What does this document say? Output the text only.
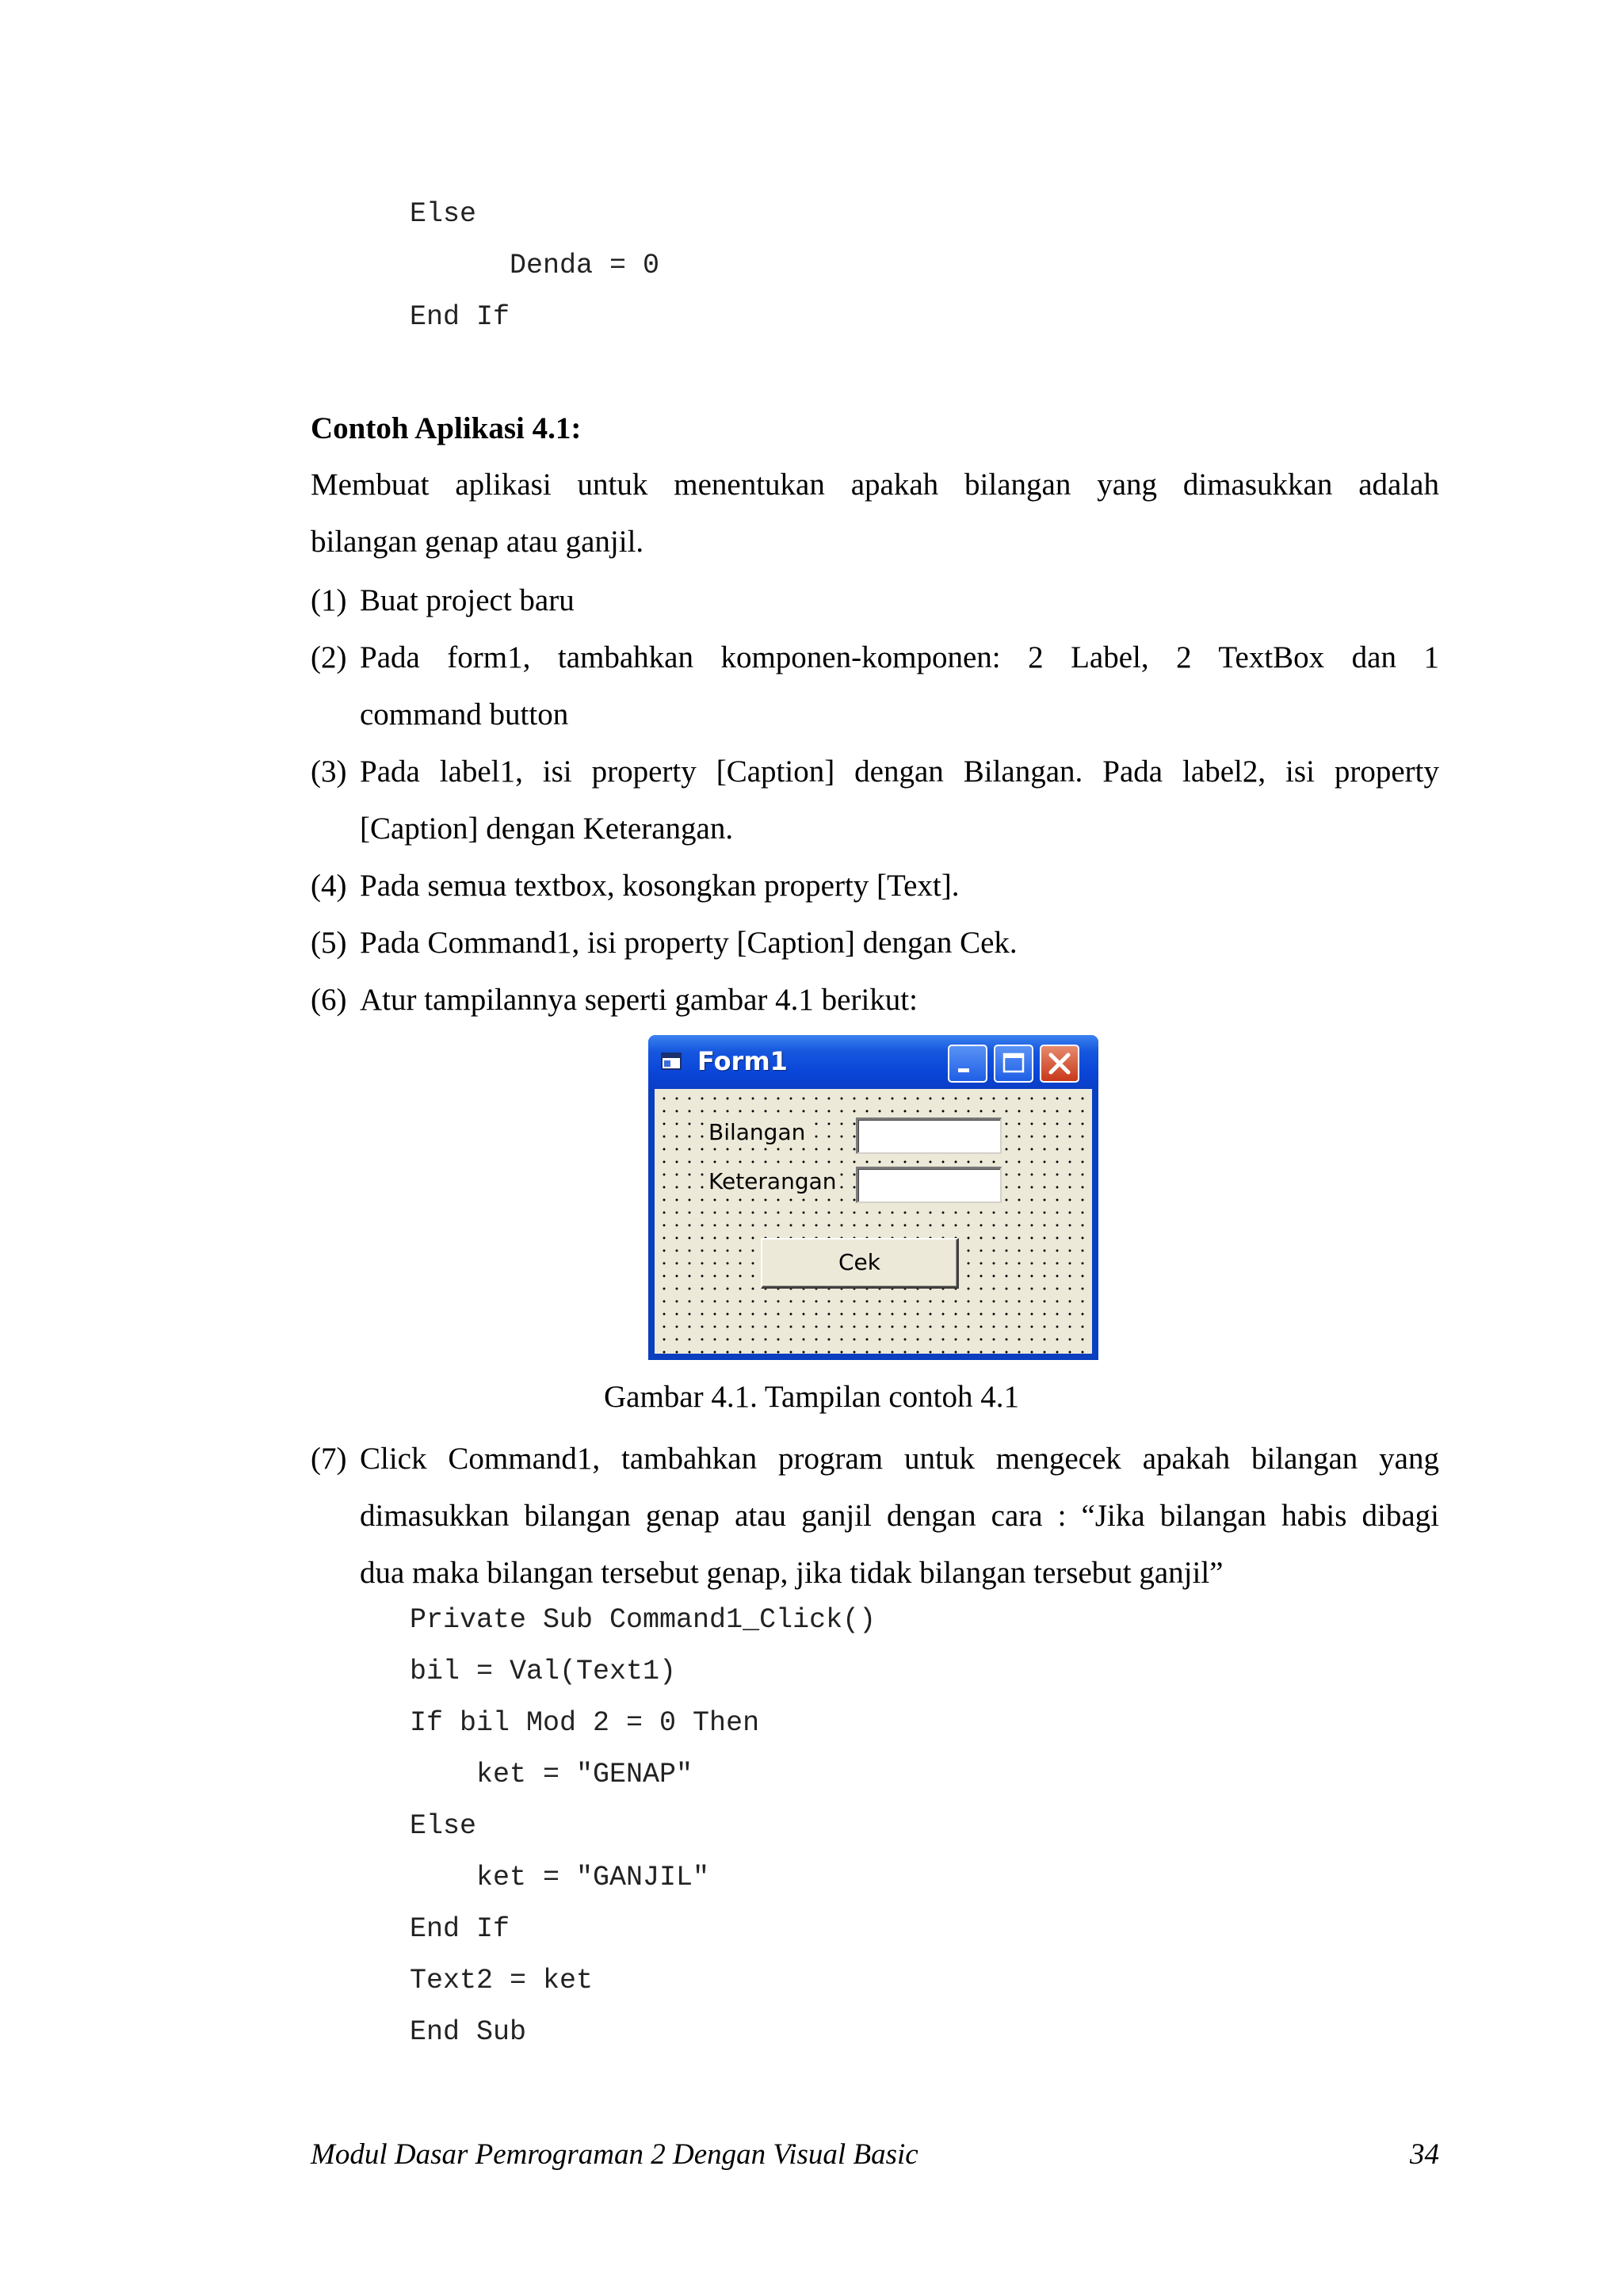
Else
Denda = 0
End If
Contoh Aplikasi 4.1:
Membuat aplikasi untuk menentukan apakah bilangan yang dimasukkan adalah
bilangan genap atau ganjil.
(1) Buat project baru
(2) Pada form1, tambahkan komponen-komponen: 2 Label, 2 TextBox dan 1
command button
(3) Pada label1, isi property [Caption] dengan Bilangan. Pada label2, isi property
[Caption] dengan Keterangan.
(4) Pada semua textbox, kosongkan property [Text].
(5) Pada Command1, isi property [Caption] dengan Cek.
(6) Atur tampilannya seperti gambar 4.1 berikut:
Form1
Bilangan
Keterangan
Cek
Gambar 4.1. Tampilan contoh 4.1
(7) Click Command1, tambahkan program untuk mengecek apakah bilangan yang
dimasukkan bilangan genap atau ganjil dengan cara : “Jika bilangan habis dibagi
dua maka bilangan tersebut genap, jika tidak bilangan tersebut ganjil”
Private Sub Command1_Click()
bil = Val(Text1)
If bil Mod 2 = 0 Then
ket = "GENAP"
Else
ket = "GANJIL"
End If
Text2 = ket
End Sub
Modul Dasar Pemrograman 2 Dengan Visual Basic	34
